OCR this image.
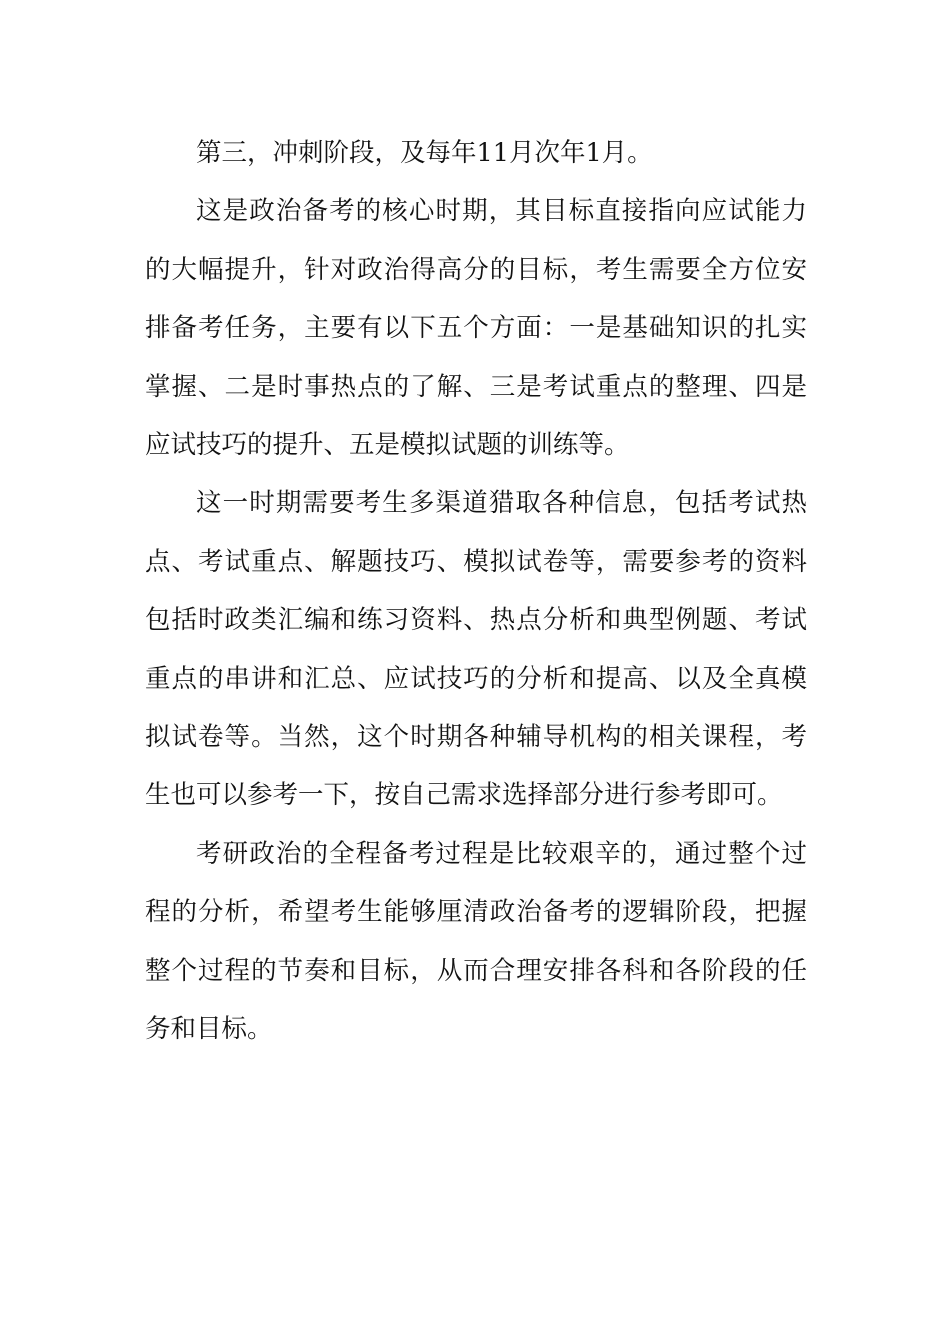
第三，冲刺阶段，及每年11月次年1月。

这是政治备考的核心时期，其目标直接指向应试能力的大幅提升，针对政治得高分的目标，考生需要全方位安排备考任务，主要有以下五个方面：一是基础知识的扎实掌握、二是时事热点的了解、三是考试重点的整理、四是应试技巧的提升、五是模拟试题的训练等。

这一时期需要考生多渠道猎取各种信息，包括考试热点、考试重点、解题技巧、模拟试卷等，需要参考的资料包括时政类汇编和练习资料、热点分析和典型例题、考试重点的串讲和汇总、应试技巧的分析和提高、以及全真模拟试卷等。当然，这个时期各种辅导机构的相关课程，考生也可以参考一下，按自己需求选择部分进行参考即可。

考研政治的全程备考过程是比较艰辛的，通过整个过程的分析，希望考生能够厘清政治备考的逻辑阶段，把握整个过程的节奏和目标，从而合理安排各科和各阶段的任务和目标。
